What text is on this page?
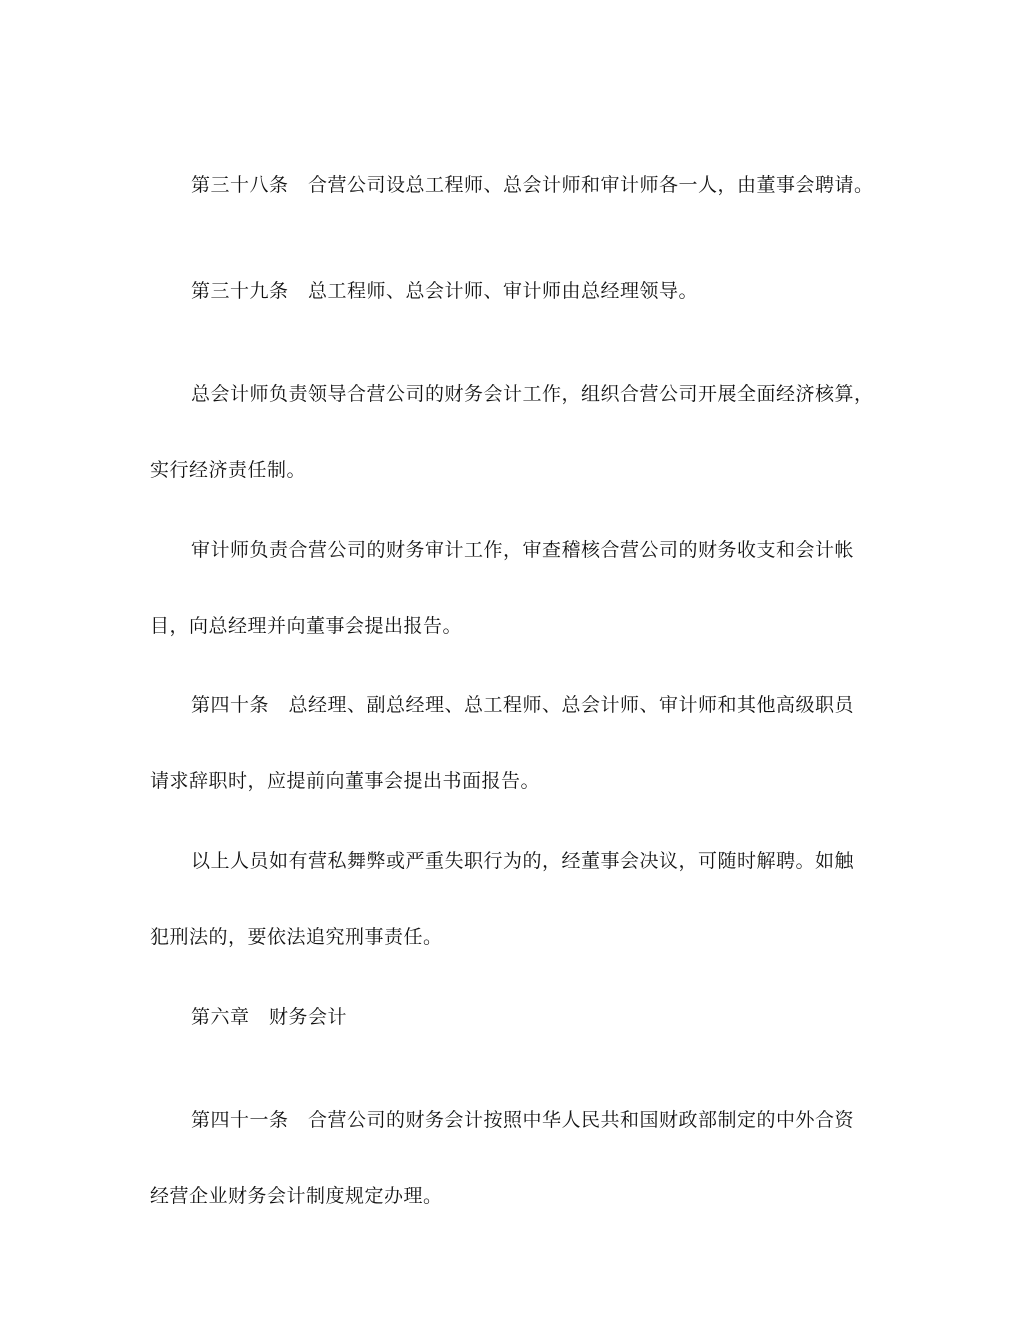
第三十八条　合营公司设总工程师、总会计师和审计师各一人，由董事会聘请。

第三十九条　总工程师、总会计师、审计师由总经理领导。

总会计师负责领导合营公司的财务会计工作，组织合营公司开展全面经济核算，
实行经济责任制。

审计师负责合营公司的财务审计工作，审查稽核合营公司的财务收支和会计帐
目，向总经理并向董事会提出报告。

第四十条　总经理、副总经理、总工程师、总会计师、审计师和其他高级职员
请求辞职时，应提前向董事会提出书面报告。

以上人员如有营私舞弊或严重失职行为的，经董事会决议，可随时解聘。如触
犯刑法的，要依法追究刑事责任。

第六章　财务会计

第四十一条　合营公司的财务会计按照中华人民共和国财政部制定的中外合资
经营企业财务会计制度规定办理。
